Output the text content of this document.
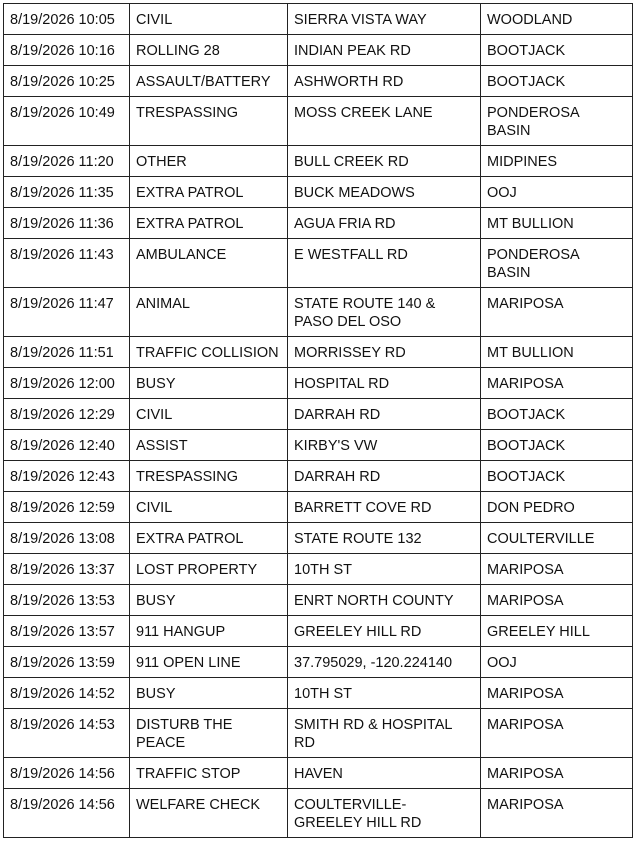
8/19/2026 10:05	CIVIL	SIERRA VISTA WAY	WOODLAND
8/19/2026 10:16	ROLLING 28	INDIAN PEAK RD	BOOTJACK
8/19/2026 10:25	ASSAULT/BATTERY	ASHWORTH RD	BOOTJACK
8/19/2026 10:49	TRESPASSING	MOSS CREEK LANE	PONDEROSA BASIN
8/19/2026 11:20	OTHER	BULL CREEK RD	MIDPINES
8/19/2026 11:35	EXTRA PATROL	BUCK MEADOWS	OOJ
8/19/2026 11:36	EXTRA PATROL	AGUA FRIA RD	MT BULLION
8/19/2026 11:43	AMBULANCE	E WESTFALL RD	PONDEROSA BASIN
8/19/2026 11:47	ANIMAL	STATE ROUTE 140 & PASO DEL OSO	MARIPOSA
8/19/2026 11:51	TRAFFIC COLLISION	MORRISSEY RD	MT BULLION
8/19/2026 12:00	BUSY	HOSPITAL RD	MARIPOSA
8/19/2026 12:29	CIVIL	DARRAH RD	BOOTJACK
8/19/2026 12:40	ASSIST	KIRBY'S VW	BOOTJACK
8/19/2026 12:43	TRESPASSING	DARRAH RD	BOOTJACK
8/19/2026 12:59	CIVIL	BARRETT COVE RD	DON PEDRO
8/19/2026 13:08	EXTRA PATROL	STATE ROUTE 132	COULTERVILLE
8/19/2026 13:37	LOST PROPERTY	10TH ST	MARIPOSA
8/19/2026 13:53	BUSY	ENRT NORTH COUNTY	MARIPOSA
8/19/2026 13:57	911 HANGUP	GREELEY HILL RD	GREELEY HILL
8/19/2026 13:59	911 OPEN LINE	37.795029, -120.224140	OOJ
8/19/2026 14:52	BUSY	10TH ST	MARIPOSA
8/19/2026 14:53	DISTURB THE PEACE	SMITH RD & HOSPITAL RD	MARIPOSA
8/19/2026 14:56	TRAFFIC STOP	HAVEN	MARIPOSA
8/19/2026 14:56	WELFARE CHECK	COULTERVILLE-GREELEY HILL RD	MARIPOSA
